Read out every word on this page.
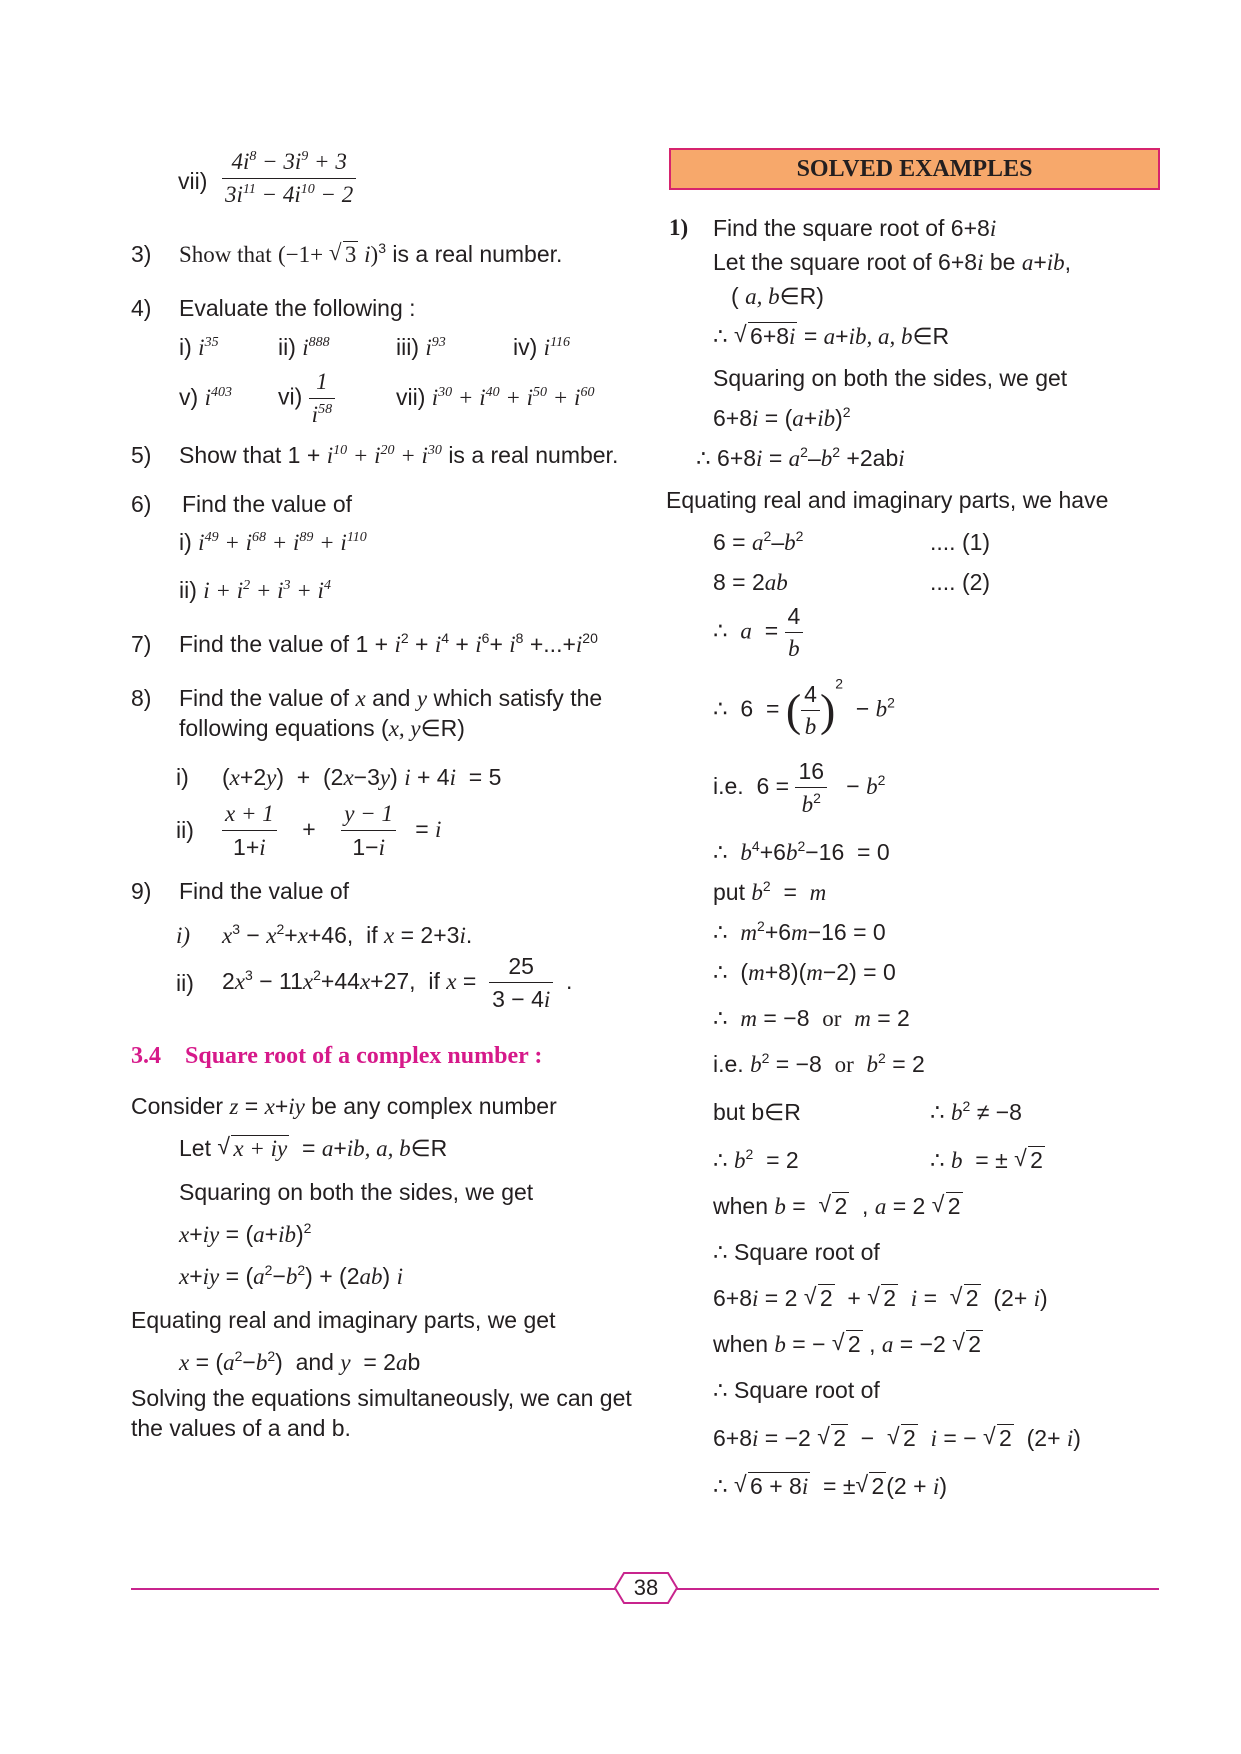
$vii) \frac{4i^8 - 3i^9 + 3}{3i^{11} - 4i^{10} - 2}$
3) Show that (−1+ √ 3 i)$^3$ is a real number.
4) Evaluate the following :
i) $i^{35}$	ii) $i^{888}$	iii) $i^{93}$	iv) $i^{116}$
v) $i^{403}$ $vi) \frac{1}{i^{58}}$	vii) $i^{30} + i^{40} + i^{50} + i^{60}$
5) Show that $1 + i^{10} + i^{20} + i^{30}$ is a real number.
6) Find the value of
i) $i^{49} + i^{68} + i^{89} + i^{110}$
ii) $i + i^2 + i^3 + i^4$
7) Find the value of $1 + i^2 + i^4 + i^6+ i^8 +...+i^{20}$
8) Find the value of x and y which satisfy the
following equations (x, y∈R)
i) (x+2y)  +  (2x−3y) i + 4i  = 5
$ii) \frac{x + 1}{1+i} + \frac{y - 1}{1-i} = i$
9) Find the value of
i) $x^3 - x^2+x+46$,  if x = 2+3i.
ii) $2x^3 - 11x^2+44x+27$,  if $x = \frac{25}{3 - 4i}$ .
3.4 Square root of a complex number :
Consider z = x+iy be any complex number
Let √ x + iy  = a+ib, a, b∈R
Squaring on both the sides, we get
$x+iy = (a+ib)^2$
$x+iy = (a^2-b^2) + (2ab)$ i
Equating real and imaginary parts, we get
$x = (a^2-b^2)$  and y  = 2ab
Solving the equations simultaneously, we can get
the values of a and b.
SOLVED EXAMPLES
1) Find the square root of 6+8i
Let the square root of 6+8i be a+ib,
( a, b∈R)
∴ √ 6+8i = a+ib, a, b∈R
Squaring on both the sides, we get
$6+8i = (a+ib)^2$
∴ $6+8i = a^2-b^2 +2abi$
Equating real and imaginary parts, we have
$6 = a^2-b^2$	.... (1)
8 = 2ab	.... (2)
∴  $a = \frac{4}{b}$
∴  6  = ( $\frac{4}{b} )^2 - b^2$
i.e.  $6 = \frac{16}{b^2} - b^2$
∴  $b^4+6b^2-16 = 0$
put $b^2 = m$
∴  $m^2+6m-16 = 0$
∴  (m+8)(m−2) = 0
∴  m = −8  or m = 2
i.e. $b^2 = -8$  or $b^2 = 2$
but b∈R	∴ $b^2 \ne -8$
∴ $b^2 = 2$	∴ b  = ± √ 2
when b =  √ 2  , a = 2 √ 2
∴ Square root of
6+8i = 2 √ 2  + √ 2 i =  √ 2  (2+ i)
when b = − √ 2 , a = −2 √ 2
∴ Square root of
6+8i = −2 √ 2  −  √ 2 i = − √ 2  (2+ i)
∴ √ 6 + 8i  = ± √ 2(2 + i)
38
